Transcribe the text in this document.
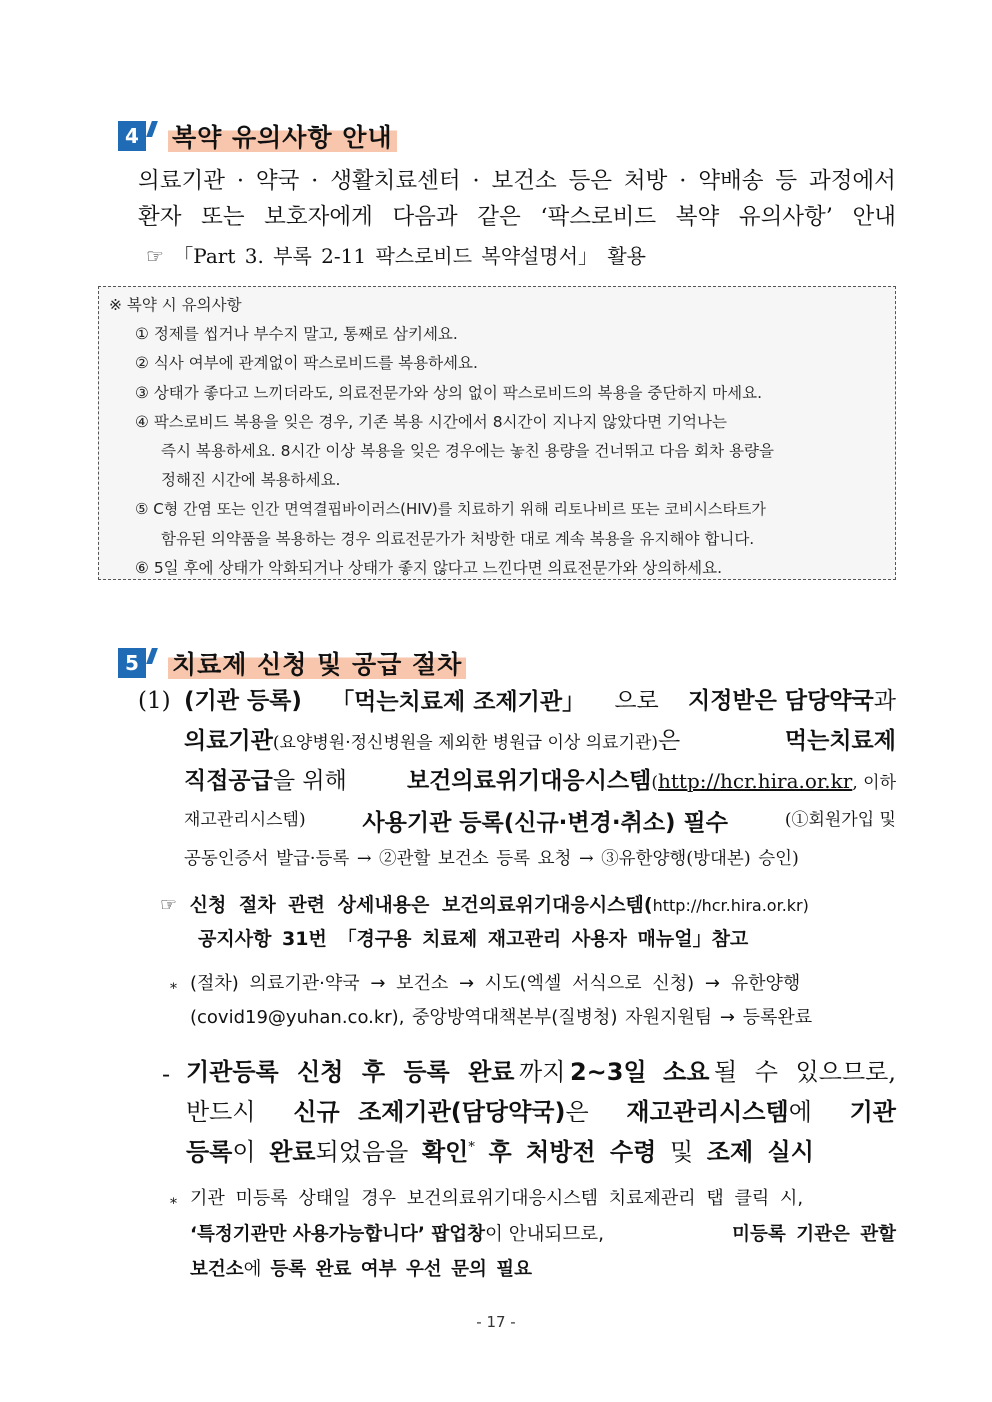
4 복약 유의사항 안내
의료기관 · 약국 · 생활치료센터 · 보건소 등은 처방 · 약배송 등 과정에서
환자 또는 보호자에게 다음과 같은 ‘팍스로비드 복약 유의사항’ 안내
☞ 「Part 3. 부록 2-11 팍스로비드 복약설명서」 활용
※ 복약 시 유의사항
① 정제를 씹거나 부수지 말고, 통째로 삼키세요.
② 식사 여부에 관계없이 팍스로비드를 복용하세요.
③ 상태가 좋다고 느끼더라도, 의료전문가와 상의 없이 팍스로비드의 복용을 중단하지 마세요.
④ 팍스로비드 복용을 잊은 경우, 기존 복용 시간에서 8시간이 지나지 않았다면 기억나는
즉시 복용하세요. 8시간 이상 복용을 잊은 경우에는 놓친 용량을 건너뛰고 다음 회차 용량을
정해진 시간에 복용하세요.
⑤ C형 간염 또는 인간 면역결핍바이러스(HIV)를 치료하기 위해 리토나비르 또는 코비시스타트가
함유된 의약품을 복용하는 경우 의료전문가가 처방한 대로 계속 복용을 유지해야 합니다.
⑥ 5일 후에 상태가 악화되거나 상태가 좋지 않다고 느낀다면 의료전문가와 상의하세요.
5 치료제 신청 및 공급 절차
(1) (기관 등록) 「먹는치료제 조제기관」 으로 지정받은 담당약국과
의료기관(요양병원·정신병원을 제외한 병원급 이상 의료기관)은	먹는치료제
직접공급을 위해	보건의료위기대응시스템(http://hcr.hira.or.kr, 이하
재고관리시스템) 사용기관 등록(신규·변경·취소) 필수	(①회원가입 및
공동인증서 발급·등록 → ②관할 보건소 등록 요청 → ③유한양행(방대본) 승인)
☞ 신청 절차 관련 상세내용은 보건의료위기대응시스템(http://hcr.hira.or.kr)
공지사항 31번 「경구용 치료제 재고관리 사용자 매뉴얼」참고
* (절차) 의료기관·약국 → 보건소 → 시도(엑셀 서식으로 신청) → 유한양행
(covid19@yuhan.co.kr), 중앙방역대책본부(질병청) 자원지원팀 → 등록완료
- 기관등록 신청 후 등록 완료 까지 2~3일 소요 될 수 있으므로,
반드시 신규 조제기관(담당약국)은 재고관리시스템에 기관
등록이 완료되었음을 확인* 후 처방전 수령 및 조제 실시
* 기관 미등록 상태일 경우 보건의료위기대응시스템 치료제관리 탭 클릭 시,
‘특정기관만 사용가능합니다’ 팝업창이 안내되므로,	미등록 기관은 관할
보건소에 등록 완료 여부 우선 문의 필요
- 17 -
